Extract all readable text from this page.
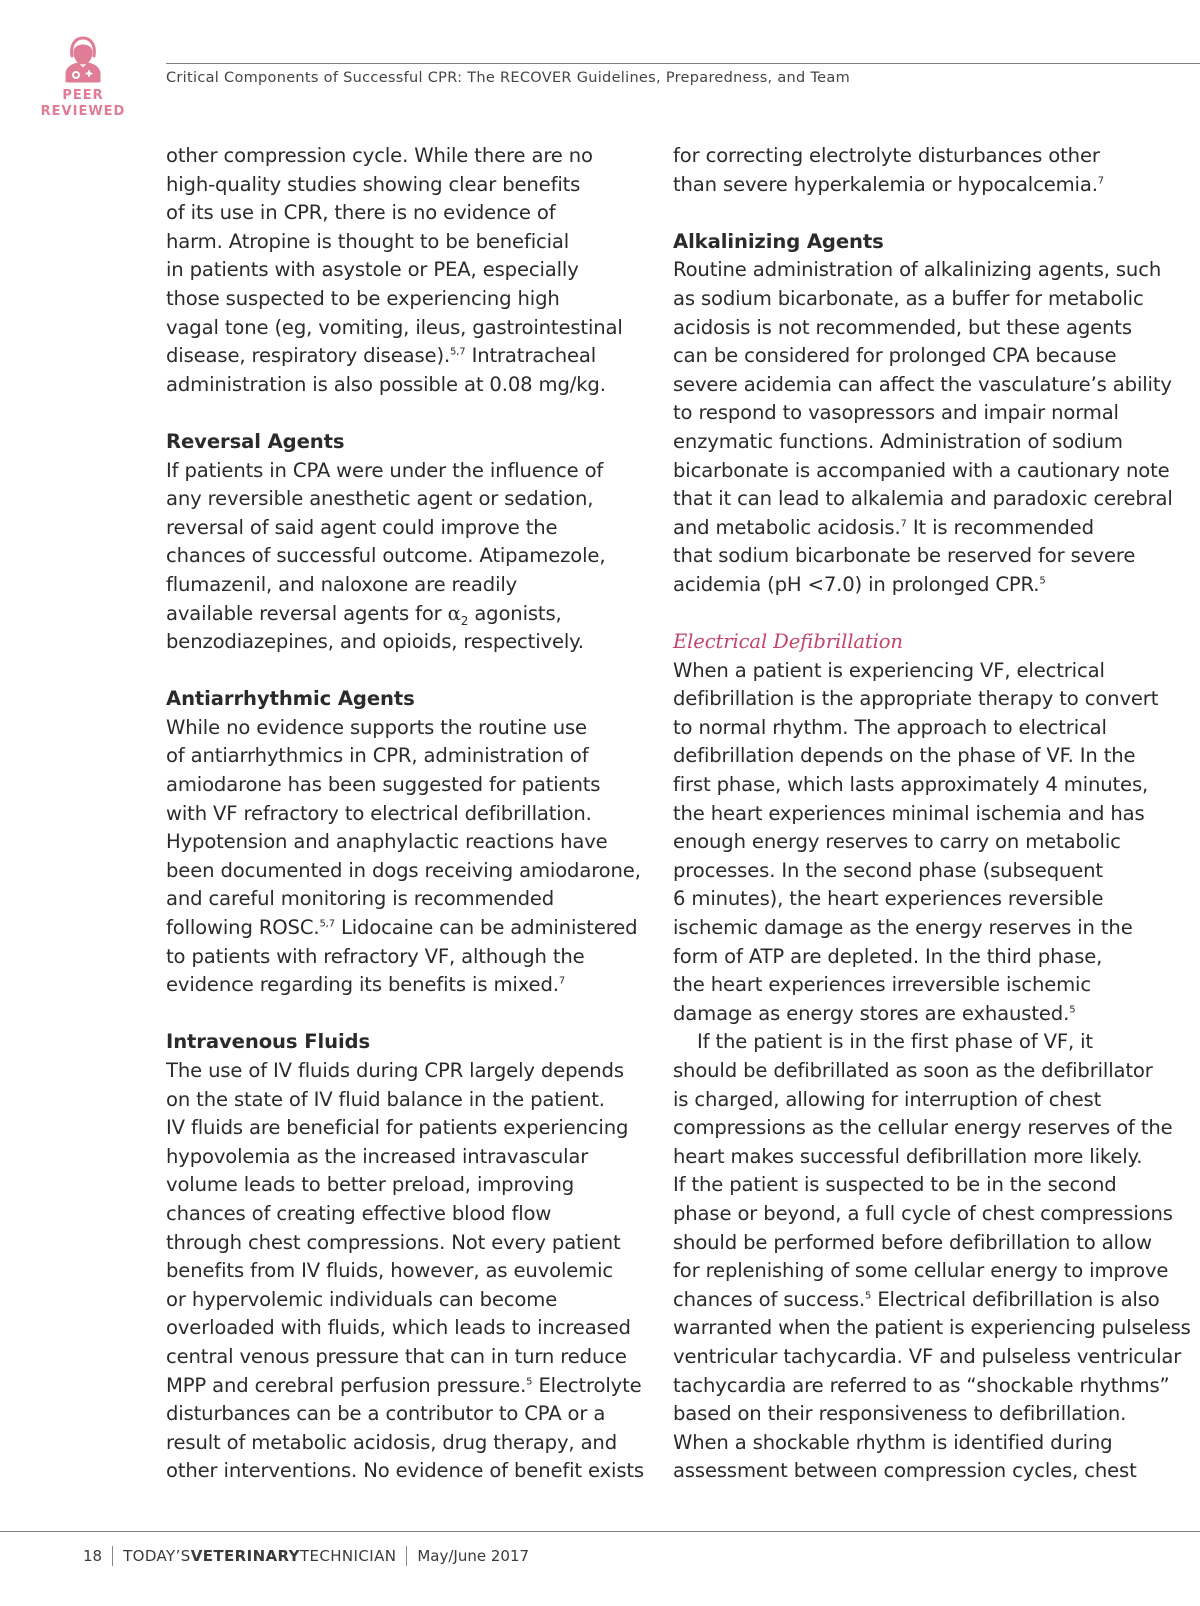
PEER
REVIEWED
Critical Components of Successful CPR: The RECOVER Guidelines, Preparedness, and Team

other compression cycle. While there are no
high-quality studies showing clear benefits
of its use in CPR, there is no evidence of
harm. Atropine is thought to be beneficial
in patients with asystole or PEA, especially
those suspected to be experiencing high
vagal tone (eg, vomiting, ileus, gastrointestinal
disease, respiratory disease).$^{5,7}$ Intratracheal
administration is also possible at 0.08 mg/kg.

Reversal Agents

If patients in CPA were under the influence of
any reversible anesthetic agent or sedation,
reversal of said agent could improve the
chances of successful outcome. Atipamezole,
flumazenil, and naloxone are readily
available reversal agents for $\alpha_2$ agonists,
benzodiazepines, and opioids, respectively.

Antiarrhythmic Agents

While no evidence supports the routine use
of antiarrhythmics in CPR, administration of
amiodarone has been suggested for patients
with VF refractory to electrical defibrillation.
Hypotension and anaphylactic reactions have
been documented in dogs receiving amiodarone,
and careful monitoring is recommended
following ROSC.$^{5,7}$ Lidocaine can be administered
to patients with refractory VF, although the
evidence regarding its benefits is mixed.$^7$

Intravenous Fluids

The use of IV fluids during CPR largely depends
on the state of IV fluid balance in the patient.
IV fluids are beneficial for patients experiencing
hypovolemia as the increased intravascular
volume leads to better preload, improving
chances of creating effective blood flow
through chest compressions. Not every patient
benefits from IV fluids, however, as euvolemic
or hypervolemic individuals can become
overloaded with fluids, which leads to increased
central venous pressure that can in turn reduce
MPP and cerebral perfusion pressure.$^5$ Electrolyte
disturbances can be a contributor to CPA or a
result of metabolic acidosis, drug therapy, and
other interventions. No evidence of benefit exists

for correcting electrolyte disturbances other
than severe hyperkalemia or hypocalcemia.$^7$

Alkalinizing Agents

Routine administration of alkalinizing agents, such
as sodium bicarbonate, as a buffer for metabolic
acidosis is not recommended, but these agents
can be considered for prolonged CPA because
severe acidemia can affect the vasculature’s ability
to respond to vasopressors and impair normal
enzymatic functions. Administration of sodium
bicarbonate is accompanied with a cautionary note
that it can lead to alkalemia and paradoxic cerebral
and metabolic acidosis.$^7$ It is recommended
that sodium bicarbonate be reserved for severe
acidemia (pH <7.0) in prolonged CPR.$^5$

Electrical Defibrillation

When a patient is experiencing VF, electrical
defibrillation is the appropriate therapy to convert
to normal rhythm. The approach to electrical
defibrillation depends on the phase of VF. In the
first phase, which lasts approximately 4 minutes,
the heart experiences minimal ischemia and has
enough energy reserves to carry on metabolic
processes. In the second phase (subsequent
6 minutes), the heart experiences reversible
ischemic damage as the energy reserves in the
form of ATP are depleted. In the third phase,
the heart experiences irreversible ischemic
damage as energy stores are exhausted.$^5$

If the patient is in the first phase of VF, it
should be defibrillated as soon as the defibrillator
is charged, allowing for interruption of chest
compressions as the cellular energy reserves of the
heart makes successful defibrillation more likely.
If the patient is suspected to be in the second
phase or beyond, a full cycle of chest compressions
should be performed before defibrillation to allow
for replenishing of some cellular energy to improve
chances of success.$^5$ Electrical defibrillation is also
warranted when the patient is experiencing pulseless
ventricular tachycardia. VF and pulseless ventricular
tachycardia are referred to as “shockable rhythms”
based on their responsiveness to defibrillation.
When a shockable rhythm is identified during
assessment between compression cycles, chest

18 TODAY’SVETERINARYTECHNICIAN May/June 2017
